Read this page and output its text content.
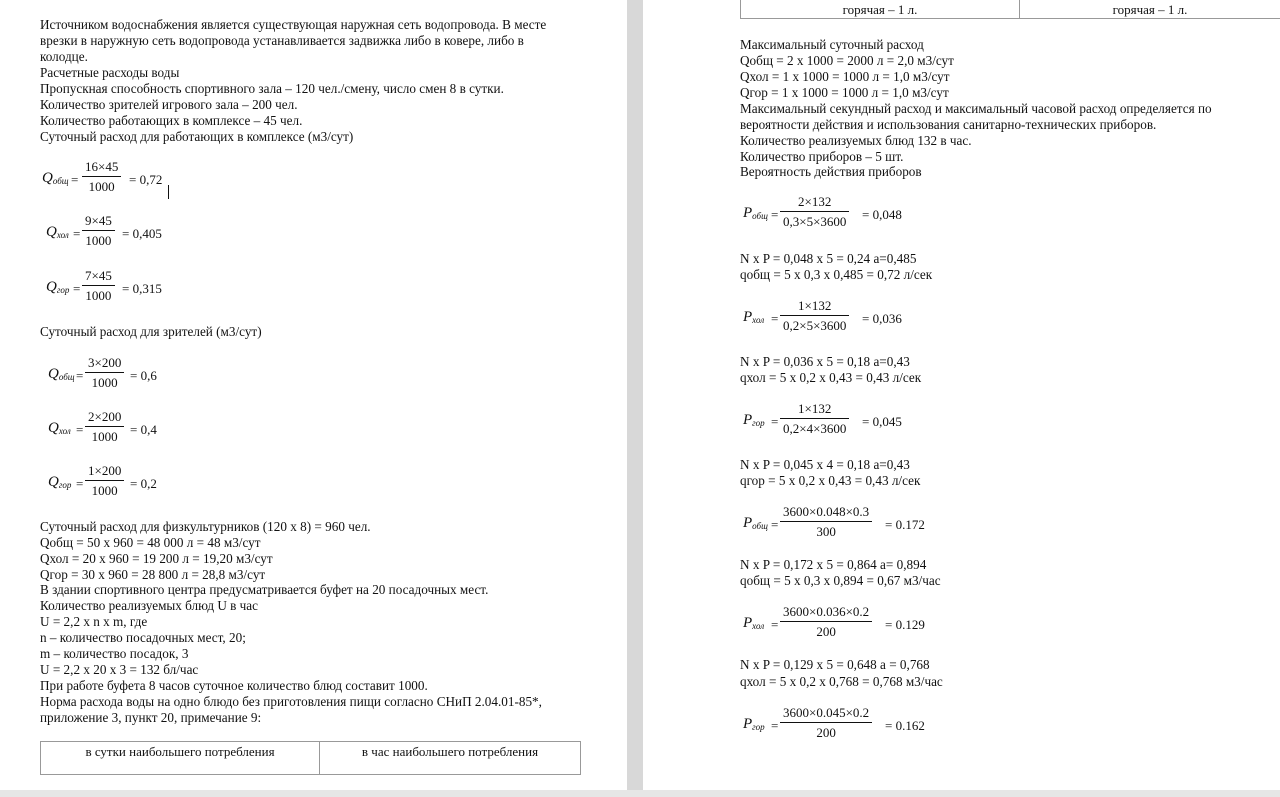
Источником водоснабжения является существующая наружная сеть водопровода. В месте
врезки в наружную сеть водопровода устанавливается задвижка либо в ковере, либо в
колодце.
Расчетные расходы воды
Пропускная способность спортивного зала – 120 чел./смену, число смен 8 в сутки.
Количество зрителей игрового зала – 200 чел.
Количество работающих в комплексе – 45 чел.
Суточный расход для работающих в комплексе (м3/сут)
$Q_{общ}$ =
16×45
1000	= 0,72
$Q_{хол}$ =
9×45
1000 = 0,405
$Q_{гор}$ =
7×45
1000 = 0,315
Суточный расход для зрителей (м3/сут)
$Q_{общ}$ =
3×200
1000 = 0,6
$Q_{хол}$ =
2×200
1000 = 0,4
$Q_{гор}$ =
1×200
1000 = 0,2
Суточный расход для физкультурников (120 х 8) = 960 чел.
Qобщ = 50 х 960 = 48 000 л = 48 м3/сут
Qхол = 20 х 960 = 19 200 л = 19,20 м3/сут
Qгор = 30 х 960 = 28 800 л = 28,8 м3/сут
В здании спортивного центра предусматривается буфет на 20 посадочных мест.
Количество реализуемых блюд U в час
U = 2,2 х n х m, где
n – количество посадочных мест, 20;
m – количество посадок, 3
U = 2,2 х 20 х 3 = 132 бл/час
При работе буфета 8 часов суточное количество блюд составит 1000.
Норма расхода воды на одно блюдо без приготовления пищи согласно СНиП 2.04.01-85*,
приложение 3, пункт 20, примечание 9:
в сутки наибольшего потребления	в час наибольшего потребления
горячая – 1 л.	горячая – 1 л.
Максимальный суточный расход
Qобщ = 2 х 1000 = 2000 л = 2,0 м3/сут
Qхол = 1 х 1000 = 1000 л = 1,0 м3/сут
Qгор = 1 х 1000 = 1000 л = 1,0 м3/сут
Максимальный секундный расход и максимальный часовой расход определяется по
вероятности действия и использования санитарно-технических приборов.
Количество реализуемых блюд 132 в час.
Количество приборов – 5 шт.
Вероятность действия приборов
$P_{общ}$ =
2×132
0,3×5×3600 = 0,048
N х P = 0,048 х 5 = 0,24 a=0,485
qобщ = 5 х 0,3 х 0,485 = 0,72 л/сек
$P_{хол}$ =
1×132
0,2×5×3600 = 0,036
N х P = 0,036 х 5 = 0,18 a=0,43
qхол = 5 х 0,2 х 0,43 = 0,43 л/сек
$P_{гор}$ =
1×132
0,2×4×3600 = 0,045
N х P = 0,045 х 4 = 0,18 a=0,43
qгор = 5 х 0,2 х 0,43 = 0,43 л/сек
$P_{общ}$ =
3600×0.048×0.3
300	= 0.172
N х P = 0,172 х 5 = 0,864 a= 0,894
qобщ = 5 х 0,3 х 0,894 = 0,67 м3/час
$P_{хол}$ =
3600×0.036×0.2
200	= 0.129
N х P = 0,129 х 5 = 0,648 a = 0,768
qхол = 5 х 0,2 х 0,768 = 0,768 м3/час
$P_{гор}$ =
3600×0.045×0.2
200	= 0.162
